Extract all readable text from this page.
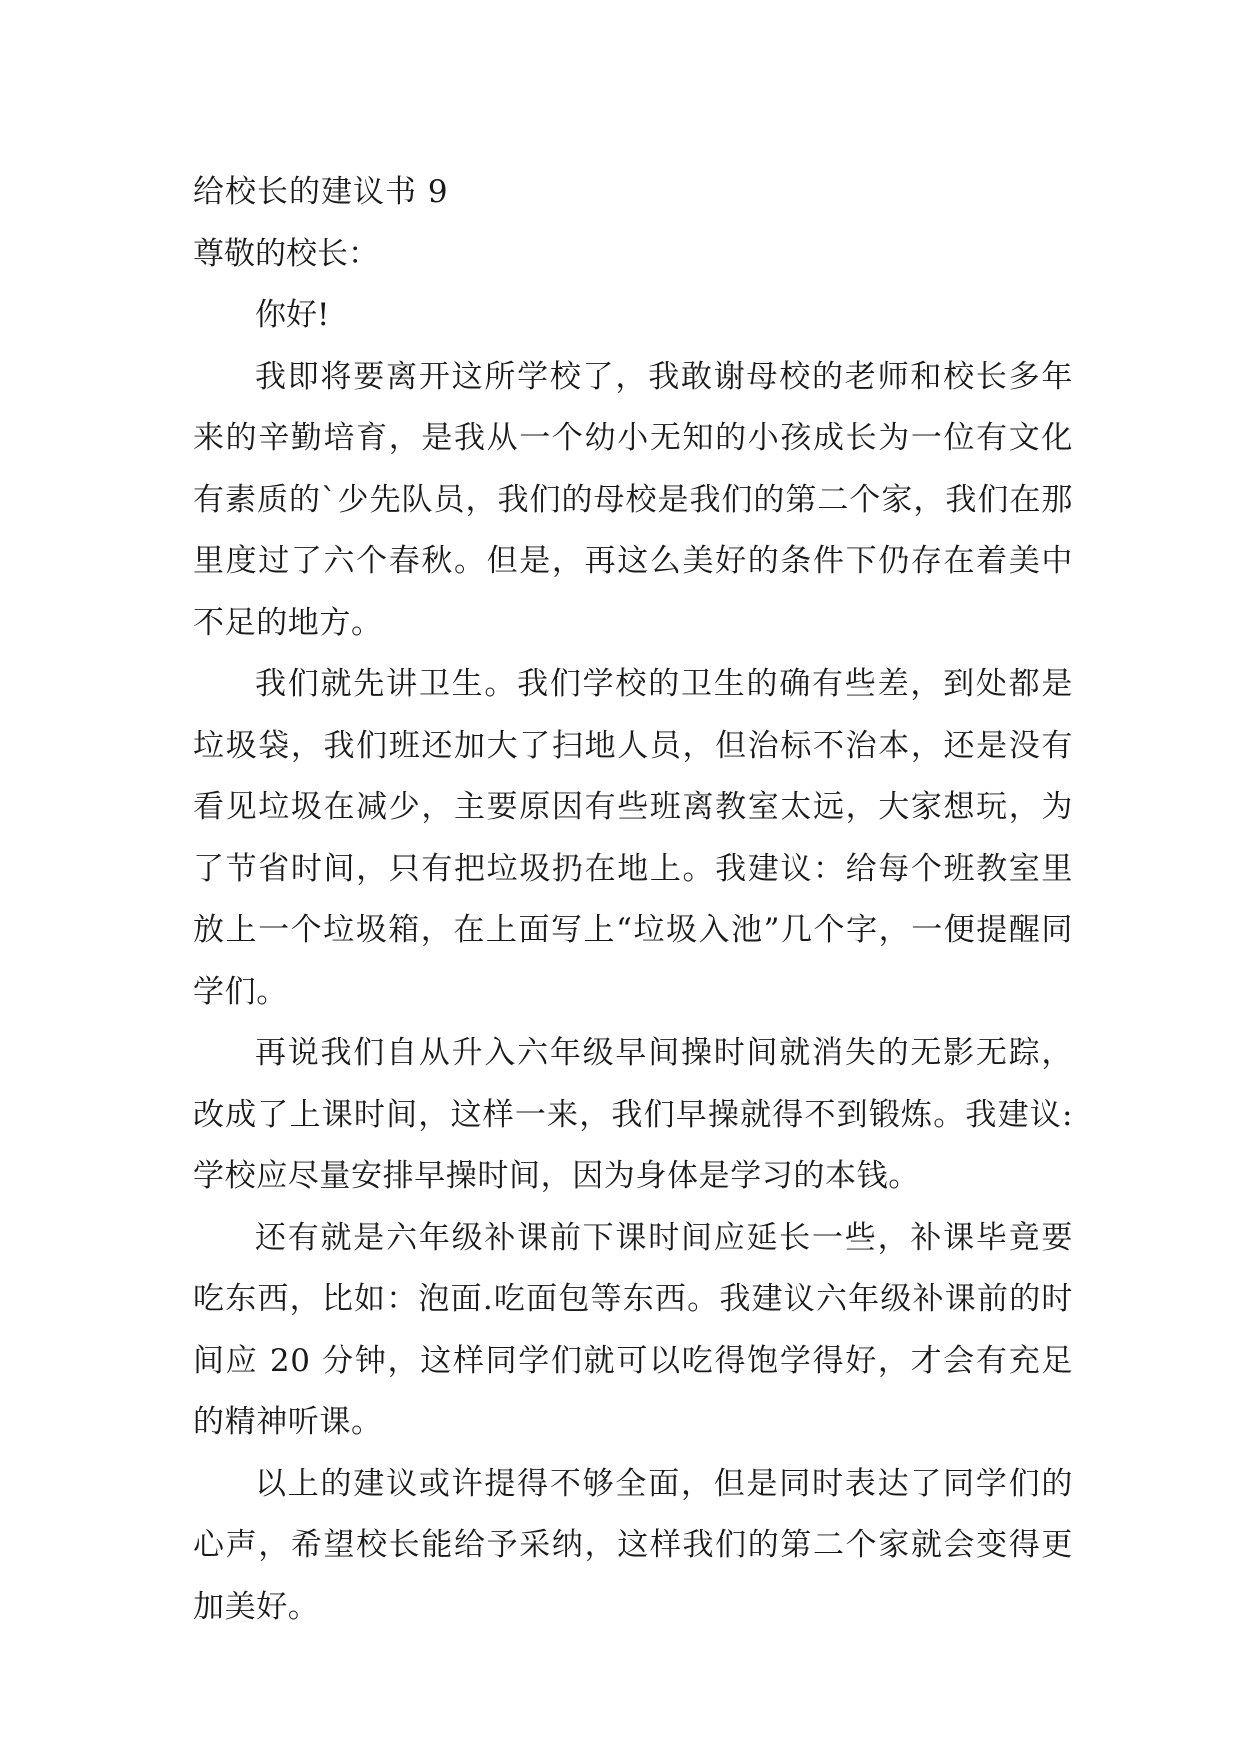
给校长的建议书 9

尊敬的校长：

你好!

我即将要离开这所学校了，我敢谢母校的老师和校长多年来的辛勤培育，是我从一个幼小无知的小孩成长为一位有文化有素质的`少先队员，我们的母校是我们的第二个家，我们在那里度过了六个春秋。但是，再这么美好的条件下仍存在着美中不足的地方。

我们就先讲卫生。我们学校的卫生的确有些差，到处都是垃圾袋，我们班还加大了扫地人员，但治标不治本，还是没有看见垃圾在减少，主要原因有些班离教室太远，大家想玩，为了节省时间，只有把垃圾扔在地上。我建议：给每个班教室里放上一个垃圾箱，在上面写上“垃圾入池”几个字，一便提醒同学们。

再说我们自从升入六年级早间操时间就消失的无影无踪，改成了上课时间，这样一来，我们早操就得不到锻炼。我建议:学校应尽量安排早操时间，因为身体是学习的本钱。

还有就是六年级补课前下课时间应延长一些，补课毕竟要吃东西，比如：泡面.吃面包等东西。我建议六年级补课前的时间应 20 分钟，这样同学们就可以吃得饱学得好，才会有充足的精神听课。

以上的建议或许提得不够全面，但是同时表达了同学们的心声，希望校长能给予采纳，这样我们的第二个家就会变得更加美好。
